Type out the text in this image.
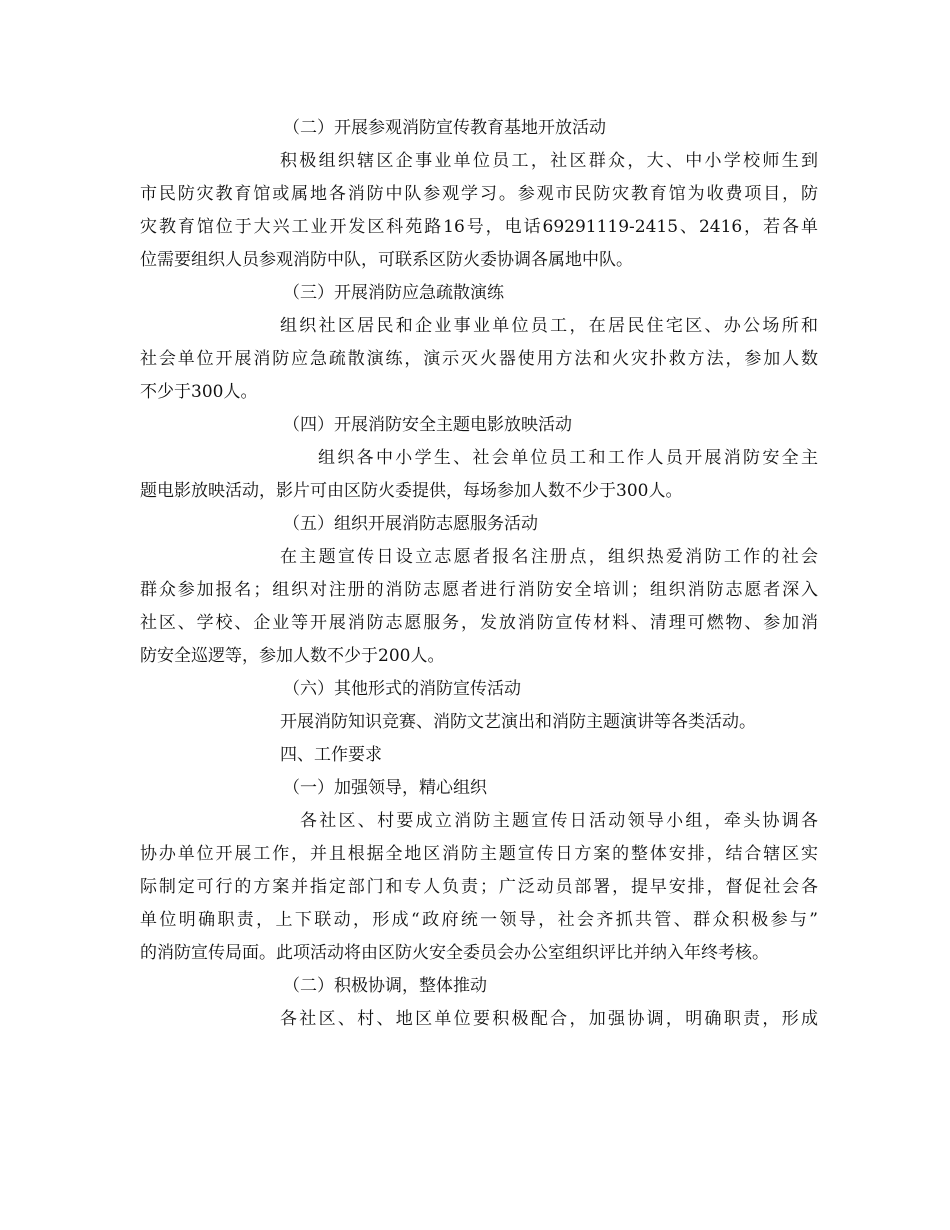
（二）开展参观消防宣传教育基地开放活动
积极组织辖区企事业单位员工，社区群众，大、中小学校师生到
市民防灾教育馆或属地各消防中队参观学习。参观市民防灾教育馆为收费项目，防
灾教育馆位于大兴工业开发区科苑路16号，电话69291119-2415、2416，若各单
位需要组织人员参观消防中队，可联系区防火委协调各属地中队。
（三）开展消防应急疏散演练
组织社区居民和企业事业单位员工，在居民住宅区、办公场所和
社会单位开展消防应急疏散演练，演示灭火器使用方法和火灾扑救方法，参加人数
不少于300人。
（四）开展消防安全主题电影放映活动
组织各中小学生、社会单位员工和工作人员开展消防安全主
题电影放映活动，影片可由区防火委提供，每场参加人数不少于300人。
（五）组织开展消防志愿服务活动
在主题宣传日设立志愿者报名注册点，组织热爱消防工作的社会
群众参加报名；组织对注册的消防志愿者进行消防安全培训；组织消防志愿者深入
社区、学校、企业等开展消防志愿服务，发放消防宣传材料、清理可燃物、参加消
防安全巡逻等，参加人数不少于200人。
（六）其他形式的消防宣传活动
开展消防知识竞赛、消防文艺演出和消防主题演讲等各类活动。
四、工作要求
（一）加强领导，精心组织
各社区、村要成立消防主题宣传日活动领导小组，牵头协调各
协办单位开展工作，并且根据全地区消防主题宣传日方案的整体安排，结合辖区实
际制定可行的方案并指定部门和专人负责；广泛动员部署，提早安排，督促社会各
单位明确职责，上下联动，形成“政府统一领导，社会齐抓共管、群众积极参与”
的消防宣传局面。此项活动将由区防火安全委员会办公室组织评比并纳入年终考核。
（二）积极协调，整体推动
各社区、村、地区单位要积极配合，加强协调，明确职责，形成
